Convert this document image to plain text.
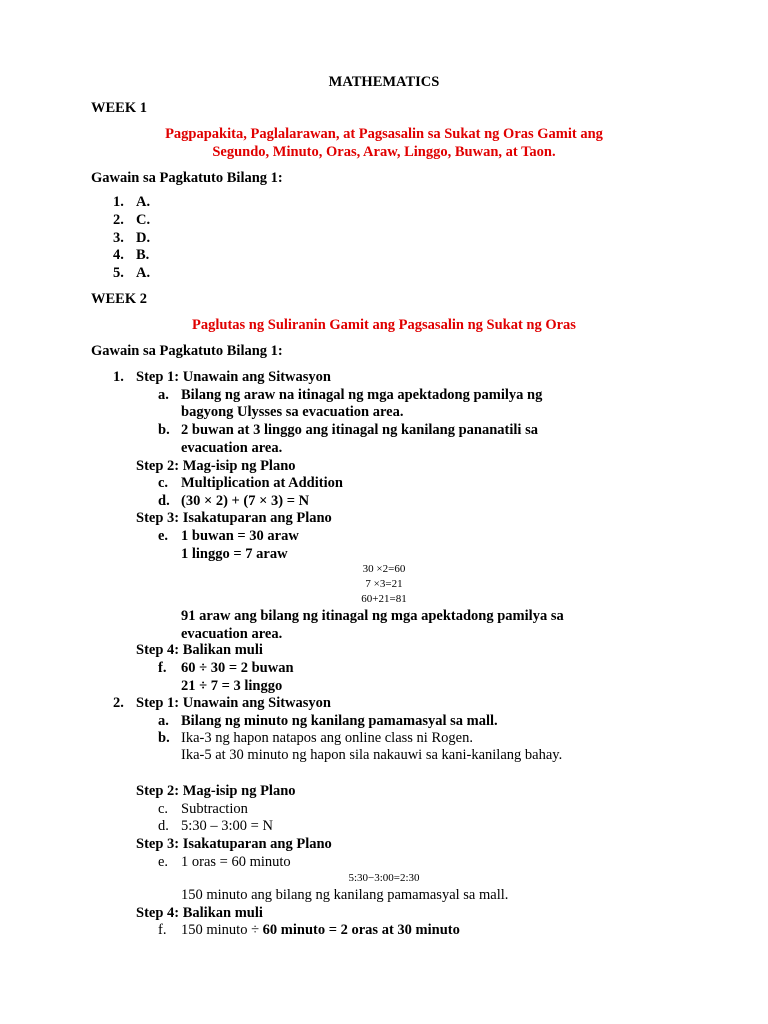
MATHEMATICS
WEEK 1
Pagpapakita, Paglalarawan, at Pagsasalin sa Sukat ng Oras Gamit ang
Segundo, Minuto, Oras, Araw, Linggo, Buwan, at Taon.
Gawain sa Pagkatuto Bilang 1:
1. A.
2. C.
3. D.
4. B.
5. A.
WEEK 2
Paglutas ng Suliranin Gamit ang Pagsasalin ng Sukat ng Oras
Gawain sa Pagkatuto Bilang 1:
1. Step 1: Unawain ang Sitwasyon
a. Bilang ng araw na itinagal ng mga apektadong pamilya ng
bagyong Ulysses sa evacuation area.
b. 2 buwan at 3 linggo ang itinagal ng kanilang pananatili sa
evacuation area.
Step 2: Mag-isip ng Plano
c. Multiplication at Addition
d. (30 × 2) + (7 × 3) = N
Step 3: Isakatuparan ang Plano
e. 1 buwan = 30 araw
1 linggo = 7 araw
30 ×2=60
7 ×3=21
60+21=81
91 araw ang bilang ng itinagal ng mga apektadong pamilya sa
evacuation area.
Step 4: Balikan muli
f. 60 ÷ 30 = 2 buwan
21 ÷ 7 = 3 linggo
2. Step 1: Unawain ang Sitwasyon
a. Bilang ng minuto ng kanilang pamamasyal sa mall.
b. Ika-3 ng hapon natapos ang online class ni Rogen.
Ika-5 at 30 minuto ng hapon sila nakauwi sa kani-kanilang bahay.
Step 2: Mag-isip ng Plano
c. Subtraction
d. 5:30 – 3:00 = N
Step 3: Isakatuparan ang Plano
e. 1 oras = 60 minuto
5:30−3:00=2:30
150 minuto ang bilang ng kanilang pamamasyal sa mall.
Step 4: Balikan muli
f. 150 minuto ÷ 60 minuto = 2 oras at 30 minuto
